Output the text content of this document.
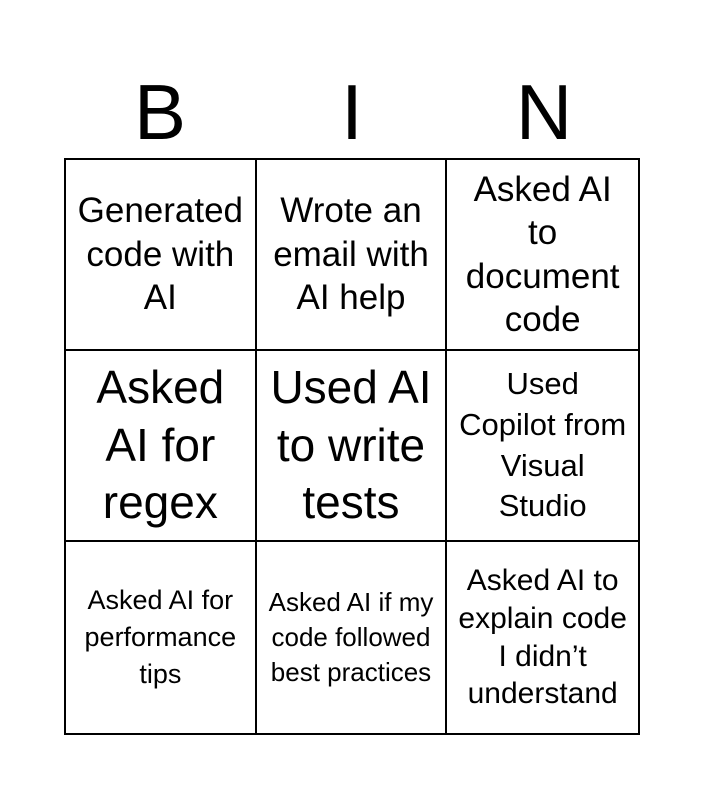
B	I	N
Generated code with AI
Wrote an email with AI help
Asked AI to document code
Asked AI for regex
Used AI to write tests
Used Copilot from Visual Studio
Asked AI for performance tips
Asked AI if my code followed best practices
Asked AI to explain code I didn’t understand
